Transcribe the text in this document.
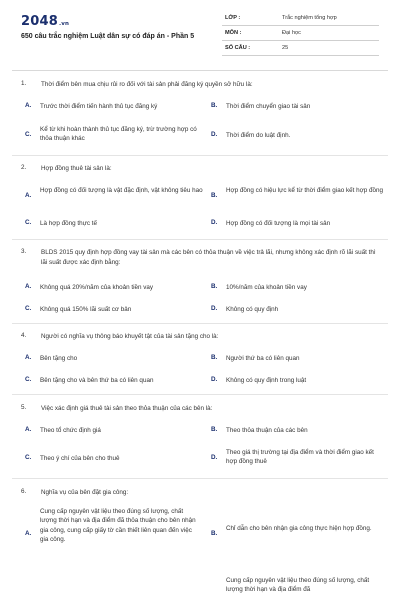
2048.vn
650 câu trắc nghiệm Luật dân sự có đáp án - Phần 5
LỚP :	Trắc nghiệm tổng hợp
MÔN :	Đại học
SỐ CÂU :	25
1. Thời điểm bên mua chịu rủi ro đối với tài sản phải đăng ký quyền sở hữu là:
A. Trước thời điểm tiến hành thủ tục đăng ký	B. Thời điểm chuyển giao tài sản
C.
Kể từ khi hoàn thành thủ tục đăng ký, trừ trường hợp có thỏa thuận khác
D. Thời điểm do luật định.
2. Hợp đồng thuê tài sản là:
A.
Hợp đồng có đối tượng là vật đặc định, vật không tiêu hao
B.
Hợp đồng có hiệu lực kể từ thời điểm giao kết hợp đồng
C. Là hợp đồng thực tế	D. Hợp đồng có đối tượng là mọi tài sản
3. BLDS 2015 quy định hợp đồng vay tài sản mà các bên có thỏa thuận về việc trả lãi, nhưng không xác định rõ lãi suất thì lãi suất được xác định bằng:
A. Không quá 20%/năm của khoản tiền vay	B. 10%/năm của khoản tiền vay
C. Không quá 150% lãi suất cơ bản	D. Không có quy định
4. Người có nghĩa vụ thông báo khuyết tật của tài sản tặng cho là:
A. Bên tặng cho	B. Người thứ ba có liên quan
C. Bên tặng cho và bên thứ ba có liên quan	D. Không có quy định trong luật
5. Việc xác định giá thuê tài sản theo thỏa thuận của các bên là:
A. Theo tổ chức định giá	B. Theo thỏa thuận của các bên
C. Theo ý chí của bên cho thuê	D.
Theo giá thị trường tại địa điểm và thời điểm giao kết hợp đồng thuê
6. Nghĩa vụ của bên đặt gia công:
A.
Cung cấp nguyên vật liệu theo đúng số lượng, chất lượng thời hạn và địa điểm đã thỏa thuận cho bên nhận gia công, cung cấp giấy tờ cần thiết liên quan đến việc gia công.
B.
Chỉ dẫn cho bên nhận gia công thực hiện hợp đồng.
Cung cấp nguyên vật liệu theo đúng số lượng, chất lượng thời hạn và địa điểm đã
